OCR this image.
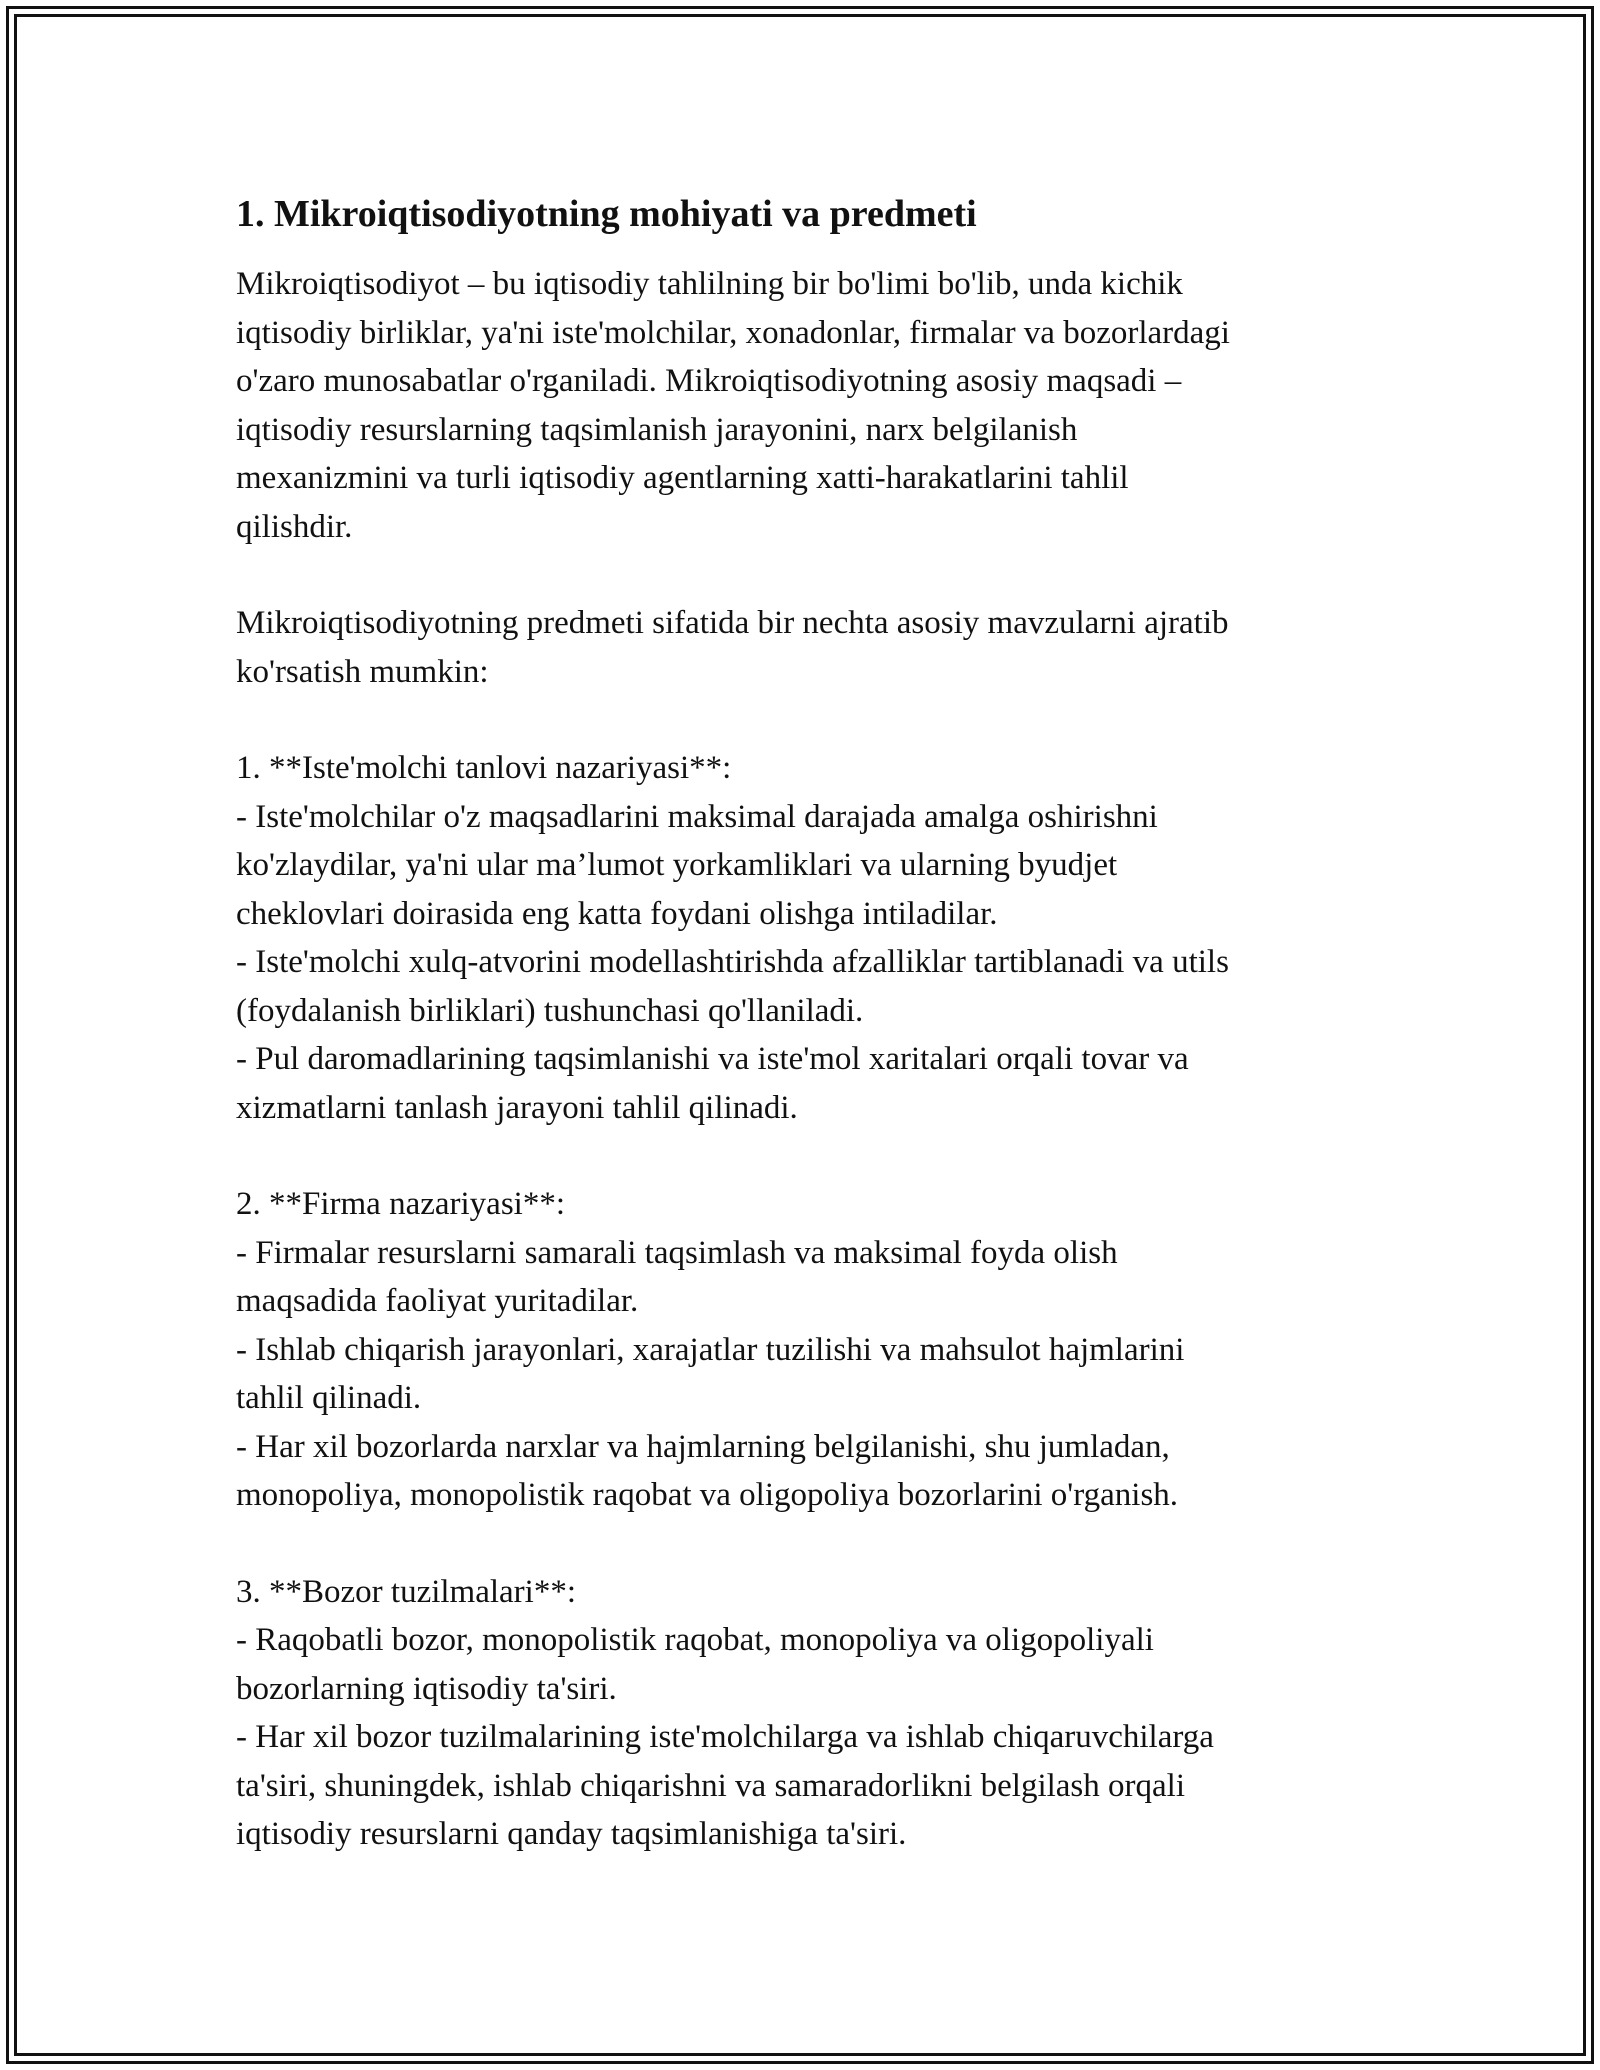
1. Mikroiqtisodiyotning mohiyati va predmeti

Mikroiqtisodiyot – bu iqtisodiy tahlilning bir bo'limi bo'lib, unda kichik
iqtisodiy birliklar, ya'ni iste'molchilar, xonadonlar, firmalar va bozorlardagi
o'zaro munosabatlar o'rganiladi. Mikroiqtisodiyotning asosiy maqsadi –
iqtisodiy resurslarning taqsimlanish jarayonini, narx belgilanish
mexanizmini va turli iqtisodiy agentlarning xatti-harakatlarini tahlil
qilishdir.

Mikroiqtisodiyotning predmeti sifatida bir nechta asosiy mavzularni ajratib
ko'rsatish mumkin:

1. **Iste'molchi tanlovi nazariyasi**:

- Iste'molchilar o'z maqsadlarini maksimal darajada amalga oshirishni
ko'zlaydilar, ya'ni ular ma’lumot yorkamliklari va ularning byudjet
cheklovlari doirasida eng katta foydani olishga intiladilar.

- Iste'molchi xulq-atvorini modellashtirishda afzalliklar tartiblanadi va utils
(foydalanish birliklari) tushunchasi qo'llaniladi.

- Pul daromadlarining taqsimlanishi va iste'mol xaritalari orqali tovar va
xizmatlarni tanlash jarayoni tahlil qilinadi.

2. **Firma nazariyasi**:

- Firmalar resurslarni samarali taqsimlash va maksimal foyda olish
maqsadida faoliyat yuritadilar.

- Ishlab chiqarish jarayonlari, xarajatlar tuzilishi va mahsulot hajmlarini
tahlil qilinadi.

- Har xil bozorlarda narxlar va hajmlarning belgilanishi, shu jumladan,
monopoliya, monopolistik raqobat va oligopoliya bozorlarini o'rganish.

3. **Bozor tuzilmalari**:

- Raqobatli bozor, monopolistik raqobat, monopoliya va oligopoliyali
bozorlarning iqtisodiy ta'siri.

- Har xil bozor tuzilmalarining iste'molchilarga va ishlab chiqaruvchilarga
ta'siri, shuningdek, ishlab chiqarishni va samaradorlikni belgilash orqali
iqtisodiy resurslarni qanday taqsimlanishiga ta'siri.
